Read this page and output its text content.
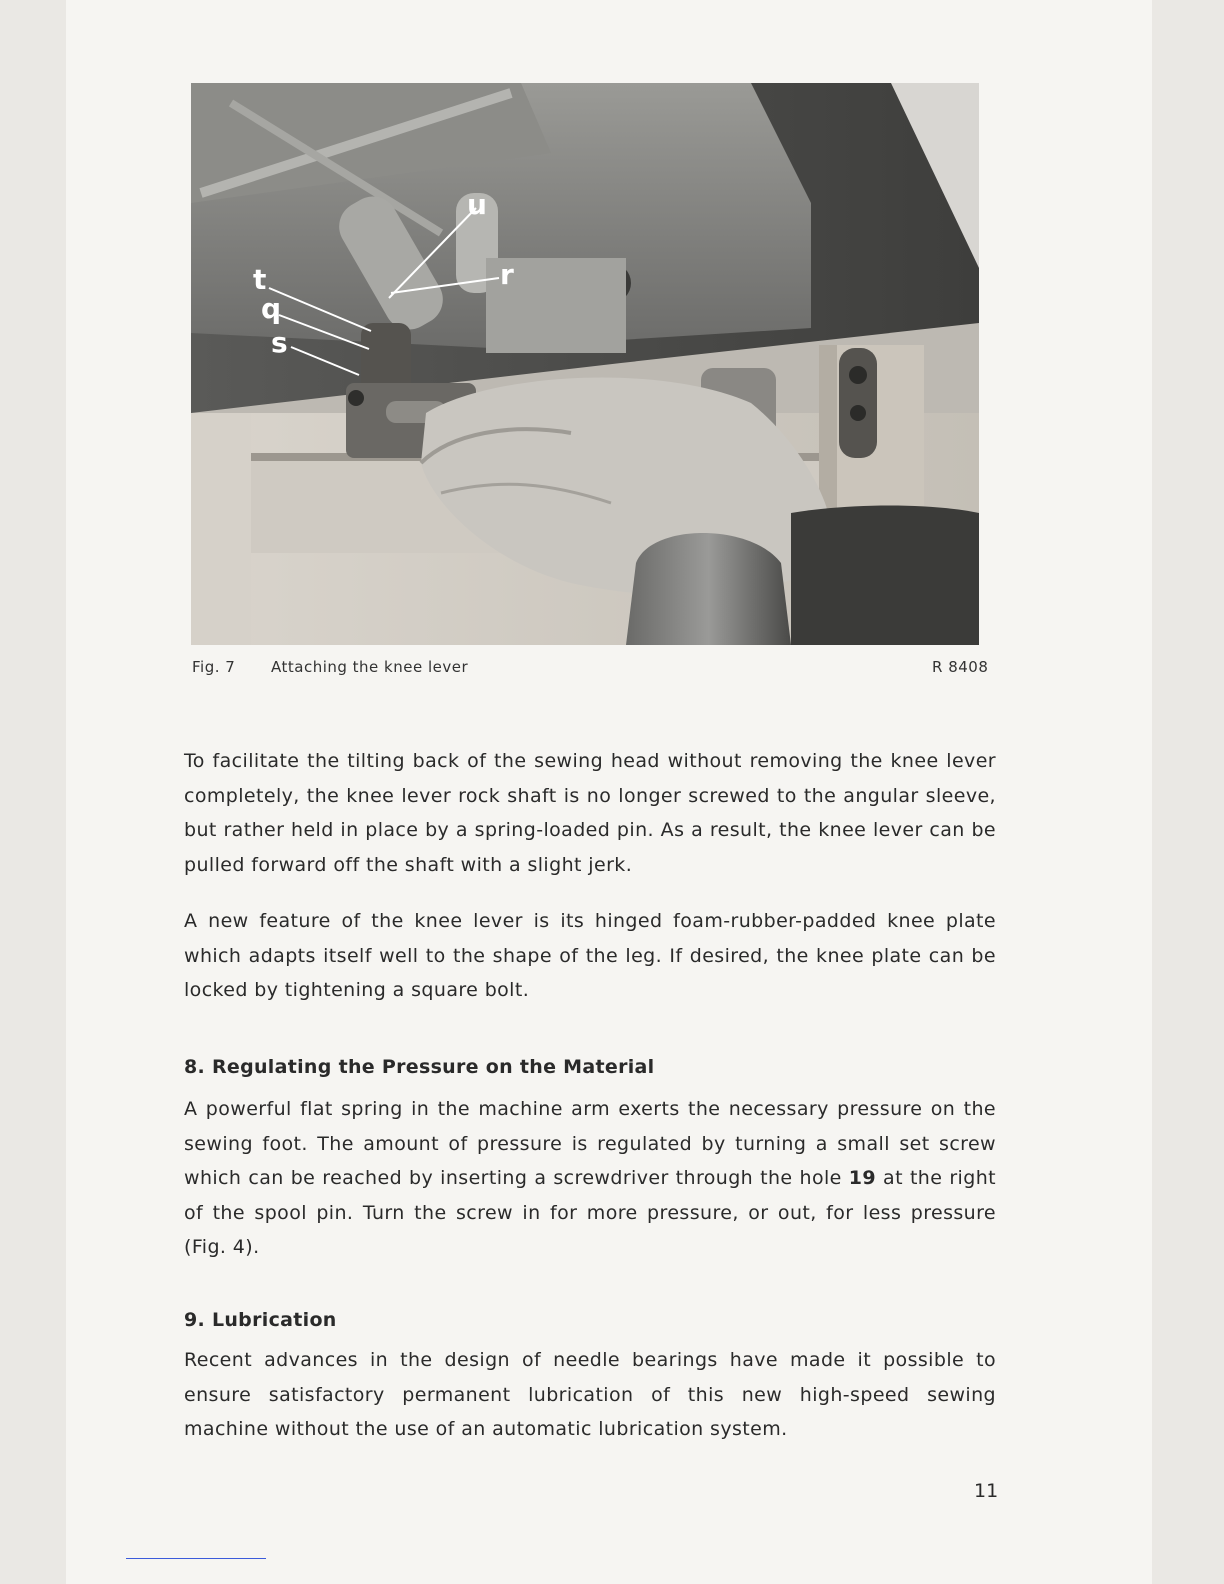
u
r
t
q
s
Fig. 7 Attaching the knee lever	R 8408

To facilitate the tilting back of the sewing head without removing the knee lever completely, the knee lever rock shaft is no longer screwed to the angular sleeve, but rather held in place by a spring-loaded pin. As a result, the knee lever can be pulled forward off the shaft with a slight jerk.

A new feature of the knee lever is its hinged foam-rubber-padded knee plate which adapts itself well to the shape of the leg. If desired, the knee plate can be locked by tightening a square bolt.

8. Regulating the Pressure on the Material

A powerful flat spring in the machine arm exerts the necessary pressure on the sewing foot. The amount of pressure is regulated by turning a small set screw which can be reached by inserting a screwdriver through the hole 19 at the right of the spool pin. Turn the screw in for more pressure, or out, for less pressure (Fig. 4).

9. Lubrication

Recent advances in the design of needle bearings have made it possible to ensure satisfactory permanent lubrication of this new high-speed sewing machine without the use of an automatic lubrication system.

11
